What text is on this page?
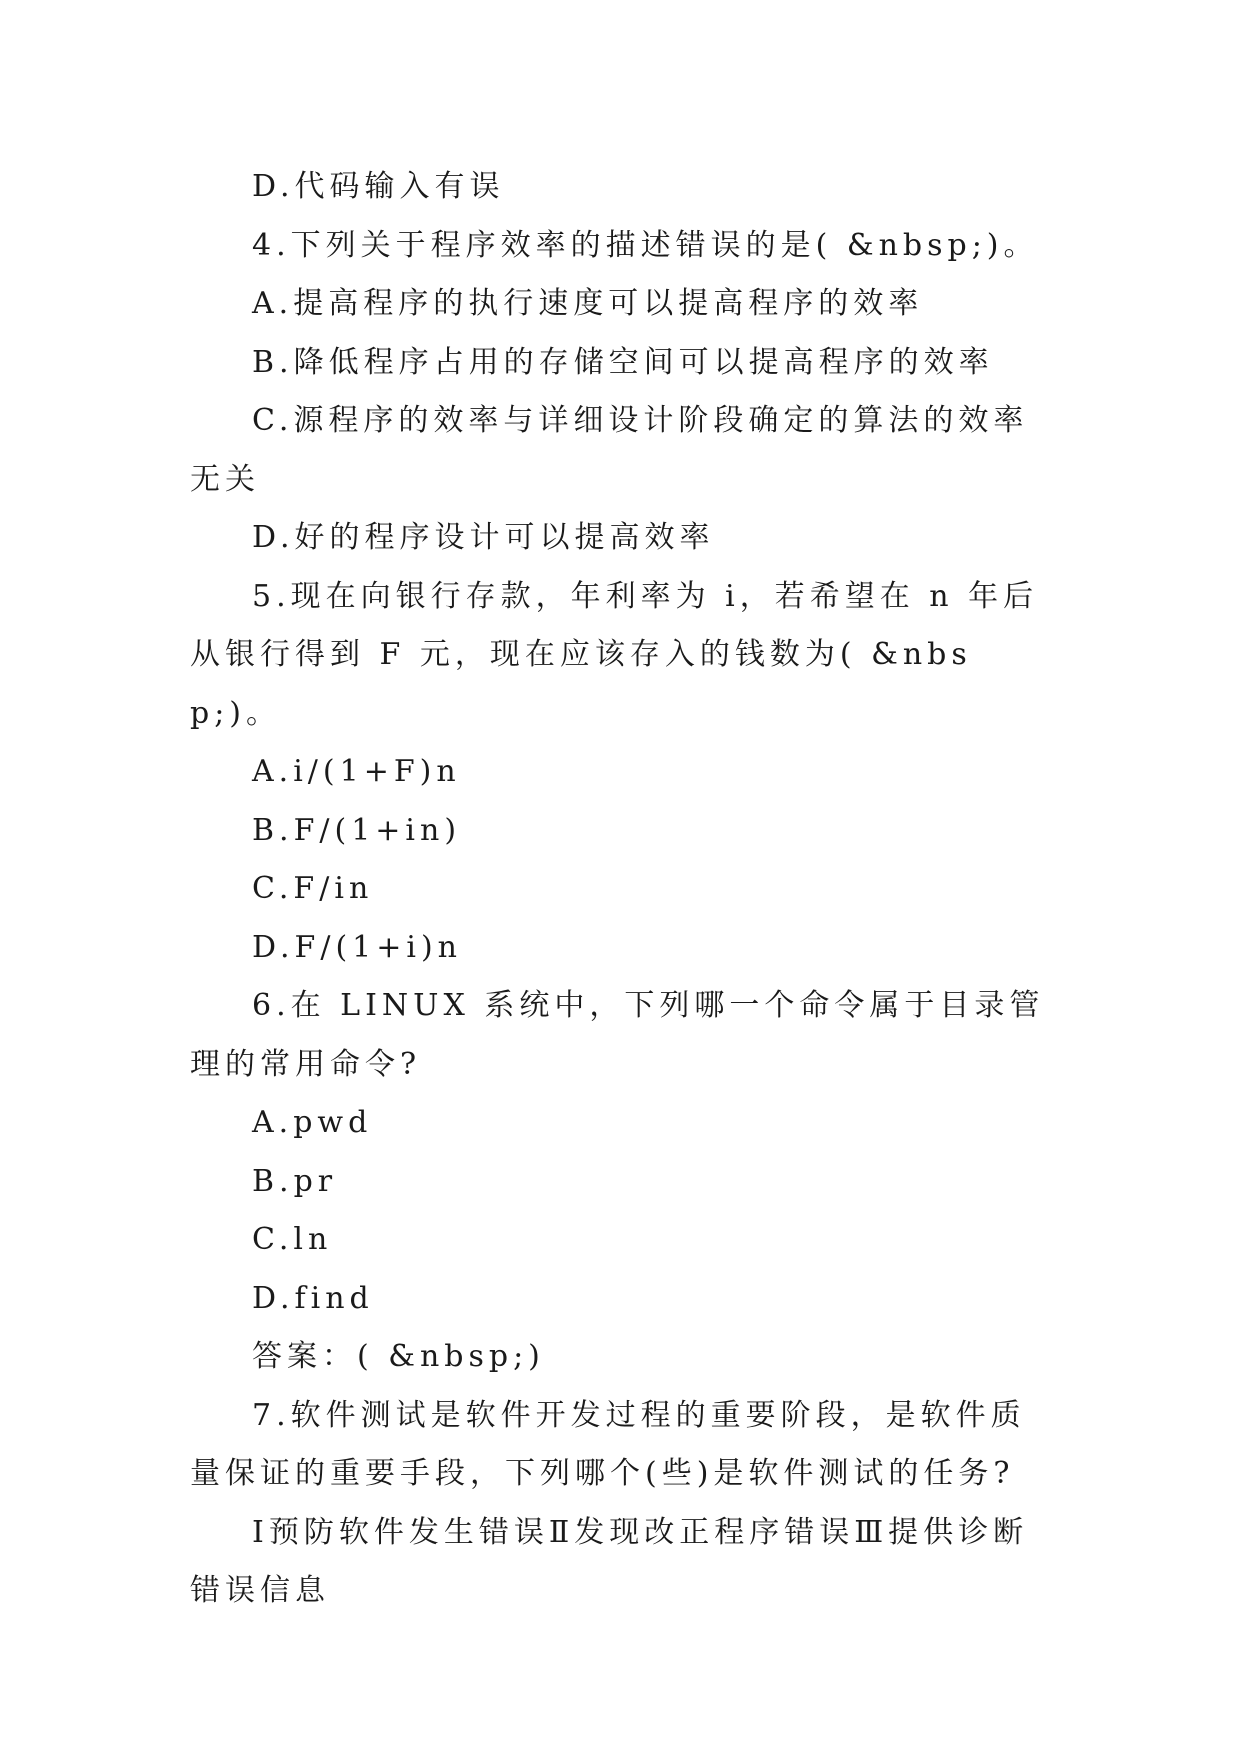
D.代码输入有误

4.下列关于程序效率的描述错误的是( &nbsp;)。

A.提高程序的执行速度可以提高程序的效率

B.降低程序占用的存储空间可以提高程序的效率

C.源程序的效率与详细设计阶段确定的算法的效率无关

D.好的程序设计可以提高效率

5.现在向银行存款，年利率为 i，若希望在 n 年后从银行得到 F 元，现在应该存入的钱数为( &nbsp;)。

A.i/(1+F)n

B.F/(1+in)

C.F/in

D.F/(1+i)n

6.在 LINUX 系统中，下列哪一个命令属于目录管理的常用命令?

A.pwd

B.pr

C.ln

D.find

答案：( &nbsp;)

7.软件测试是软件开发过程的重要阶段，是软件质量保证的重要手段，下列哪个(些)是软件测试的任务?

Ⅰ预防软件发生错误Ⅱ发现改正程序错误Ⅲ提供诊断错误信息
